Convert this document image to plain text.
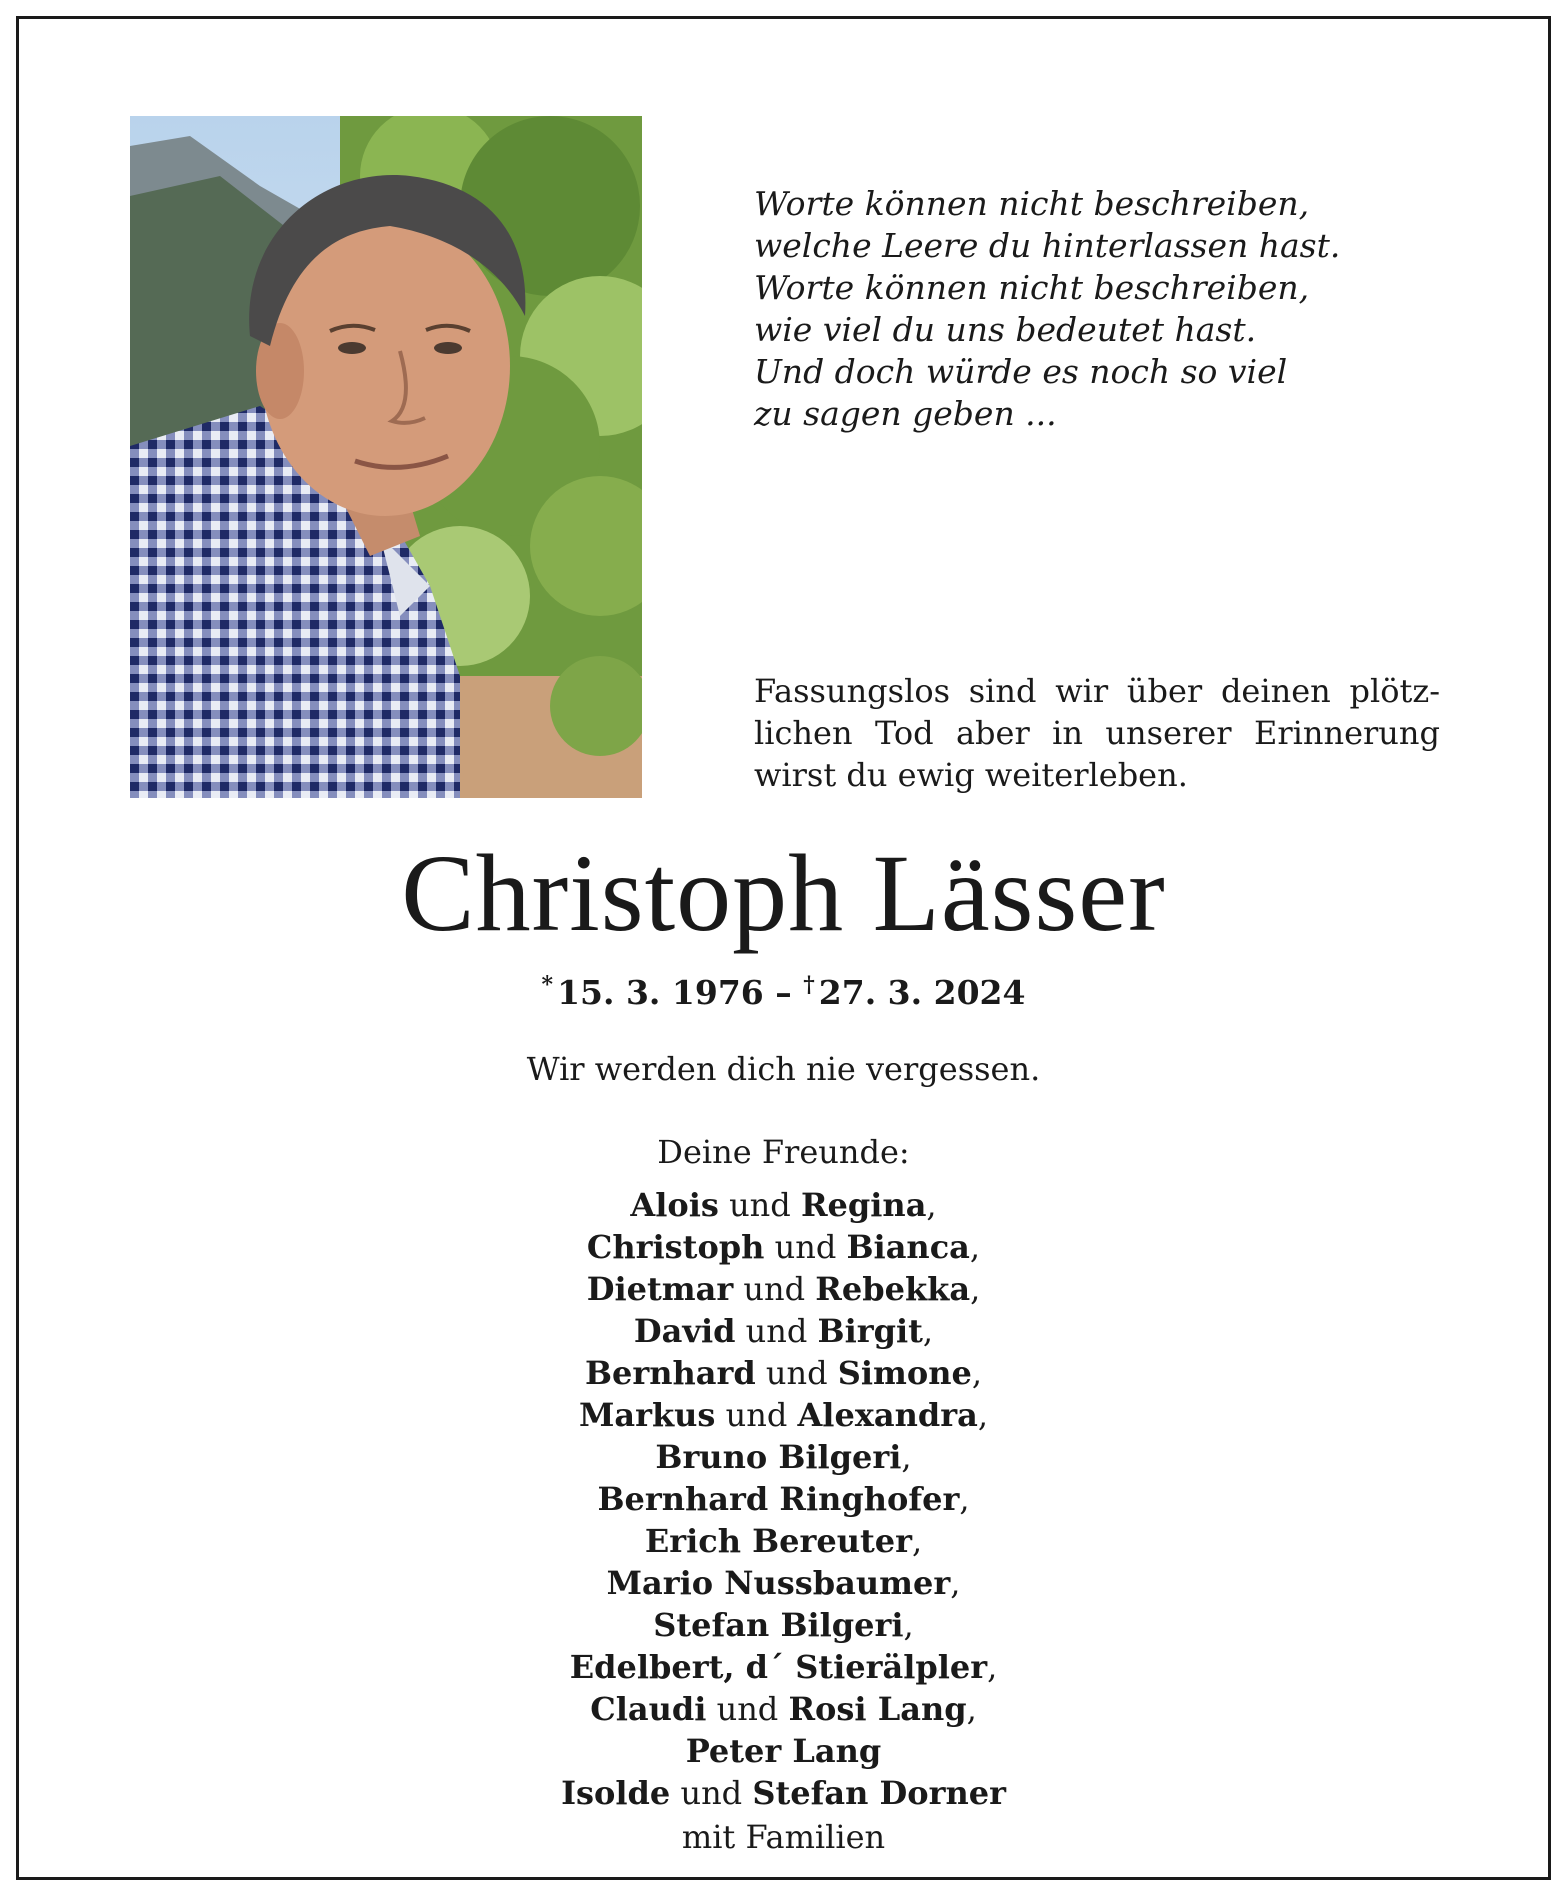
Worte können nicht beschreiben,
welche Leere du hinterlassen hast.
Worte können nicht beschreiben,
wie viel du uns bedeutet hast.
Und doch würde es noch so viel
zu sagen geben ...
Fassungslos sind wir über deinen plötz-
lichen Tod aber in unserer Erinnerung
wirst du ewig weiterleben.
Christoph Lässer
* 15. 3. 1976 – † 27. 3. 2024
Wir werden dich nie vergessen.
Deine Freunde:
Alois und Regina,
Christoph und Bianca,
Dietmar und Rebekka,
David und Birgit,
Bernhard und Simone,
Markus und Alexandra,
Bruno Bilgeri,
Bernhard Ringhofer,
Erich Bereuter,
Mario Nussbaumer,
Stefan Bilgeri,
Edelbert, d´ Stierälpler,
Claudi und Rosi Lang,
Peter Lang
Isolde und Stefan Dorner
mit Familien
